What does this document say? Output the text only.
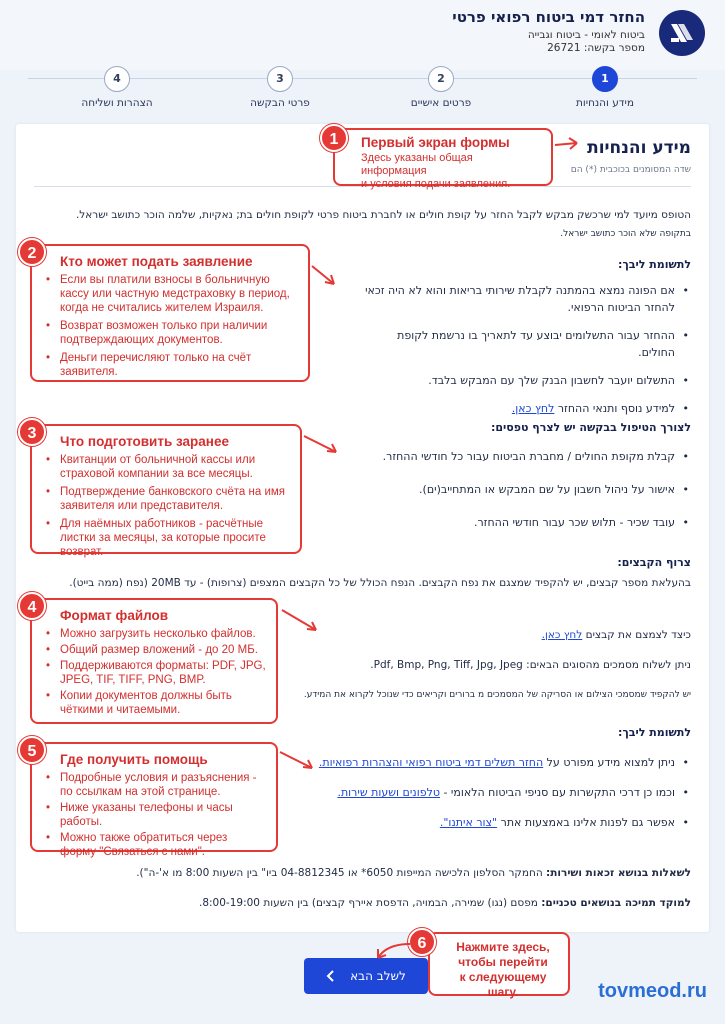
החזר דמי ביטוח רפואי פרטי
ביטוח לאומי - ביטוח וגבייה
מספר בקשה: 26721
1
מידע והנחיות
2
פרטים אישיים
3
פרטי הבקשה
4
הצהרות ושליחה
מידע והנחיות
שדה המסומנים בכוכבית (*) הם
הטופס מיועד למי שרכשק מבקש לקבל החזר על קופת חולים או לחברת ביטוח פרטי לקופת חולים בת; נאקיות, שלמה הוכר כתושב ישראל.
בתקופה שלא הוכר כתושב ישראל.
לתשומת ליבך:
• אם הפונה נמצא בהמתנה לקבלת שירותי בריאות והוא לא היה זכאי להחזר הביטוח הרפואי.
• ההחזר עבור התשלומים יבוצע עד לתאריך בו נרשמת לקופת החולים.
• התשלום יועבר לחשבון הבנק שלך עם המבקש בלבד.
• למידע נוסף ותנאי ההחזר לחץ כאן.
לצורך הטיפול בבקשה יש לצרף טפסים:
• קבלת מקופת החולים / מחברת הביטוח עבור כל חודשי ההחזר.
• אישור על ניהול חשבון על שם המבקש או המתחייב(ים).
• עובד שכיר - תלוש שכר עבור חודשי ההחזר.
צרוף הקבצים:
בהעלאת מספר קבצים, יש להקפיד שמצגם את נפח הקבצים. הנפח הכולל של כל הקבצים המצפים (צרופות) - עד 20MB (נפח (ממה בייט).
כיצד לצמצם את קבצים לחץ כאן.
ניתן לשלוח מסמכים מהסוגים הבאים: Pdf, Bmp, Png, Tiff, Jpg, Jpeg.
יש להקפיד שמסמכי הצילום או הסריקה של המסמכים מ ברורים וקריאים כדי שנוכל לקרוא את המידע.
לתשומת ליבך:
• ניתן למצוא מידע מפורט על החזר תשלים דמי ביטוח רפואי והצהרות רפואיות.
• וכמו כן דרכי התקשרות עם סניפי הביטוח הלאומי - טלפונים ושעות שירות.
• אפשר גם לפנות אלינו באמצעות אתר "צור איתנו".
לשאלות בנושא זכאות ושירות: החמקר הסלפון הלכישה המייפות 6050* או 04-8812345 ביו" בין השעות 8:00 מו א'-ה").
למוקד תמיכה בנושאים טכניים: מפסם (נגו) שמירה, הבמויה, הדפסת איירף קבצים) בין השעות 8:00-19:00.
Первый экран формы
Здесь указаны общая информация
и условия подачи заявления.
1
Кто может подать заявление
• Если вы платили взносы в больничную кассу или частную медстраховку в период, когда не считались жителем Израиля.
• Возврат возможен только при наличии подтверждающих документов.
• Деньги перечисляют только на счёт заявителя.
2
Что подготовить заранее
• Квитанции от больничной кассы или страховой компании за все месяцы.
• Подтверждение банковского счёта на имя заявителя или представителя.
• Для наёмных работников - расчётные листки за месяцы, за которые просите возврат.
3
Формат файлов
• Можно загрузить несколько файлов.
• Общий размер вложений - до 20 МБ.
• Поддерживаются форматы: PDF, JPG, JPEG, TIF, TIFF, PNG, BMP.
• Копии документов должны быть чёткими и читаемыми.
4
Где получить помощь
• Подробные условия и разъяснения - по ссылкам на этой странице.
• Ниже указаны телефоны и часы работы.
• Можно также обратиться через форму "Связаться с нами".
5
לשלב הבא
Нажмите здесь,
чтобы перейти
к следующему шагу.
6
tovmeod.ru
